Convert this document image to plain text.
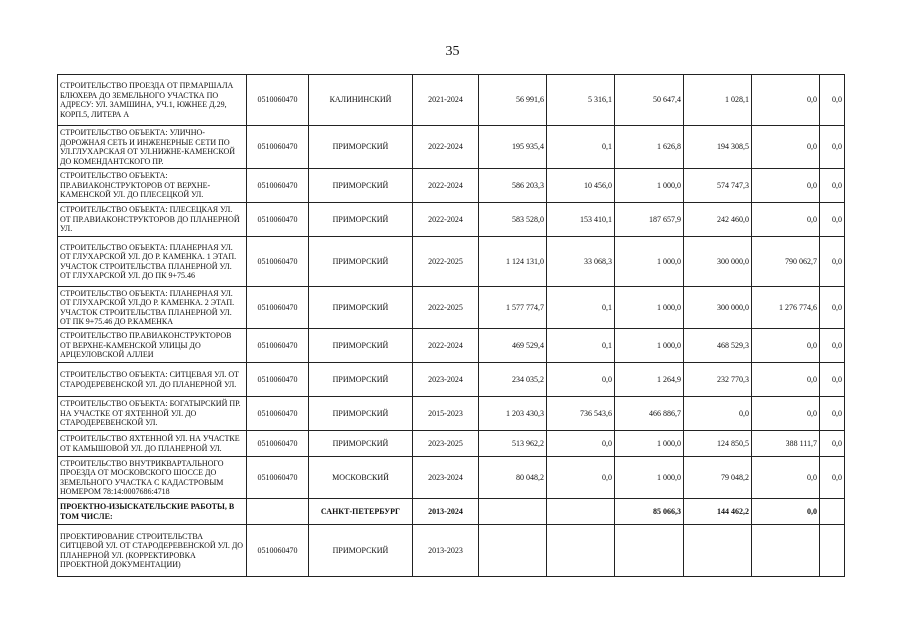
35
СТРОИТЕЛЬСТВО ПРОЕЗДА ОТ ПР.МАРШАЛА БЛЮХЕРА ДО ЗЕМЕЛЬНОГО УЧАСТКА ПО АДРЕСУ: УЛ. ЗАМШИНА, УЧ.1, ЮЖНЕЕ Д.29, КОРП.5, ЛИТЕРА А	0510060470	КАЛИНИНСКИЙ	2021-2024	56 991,6	5 316,1	50 647,4	1 028,1	0,0	0,0
СТРОИТЕЛЬСТВО ОБЪЕКТА: УЛИЧНО-ДОРОЖНАЯ СЕТЬ И ИНЖЕНЕРНЫЕ СЕТИ ПО УЛ.ГЛУХАРСКАЯ ОТ УЛ.НИЖНЕ-КАМЕНСКОЙ ДО КОМЕНДАНТСКОГО ПР.	0510060470	ПРИМОРСКИЙ	2022-2024	195 935,4	0,1	1 626,8	194 308,5	0,0	0,0
СТРОИТЕЛЬСТВО ОБЪЕКТА: ПР.АВИАКОНСТРУКТОРОВ ОТ ВЕРХНЕ-КАМЕНСКОЙ УЛ. ДО ПЛЕСЕЦКОЙ УЛ.	0510060470	ПРИМОРСКИЙ	2022-2024	586 203,3	10 456,0	1 000,0	574 747,3	0,0	0,0
СТРОИТЕЛЬСТВО ОБЪЕКТА: ПЛЕСЕЦКАЯ УЛ. ОТ ПР.АВИАКОНСТРУКТОРОВ ДО ПЛАНЕРНОЙ УЛ.	0510060470	ПРИМОРСКИЙ	2022-2024	583 528,0	153 410,1	187 657,9	242 460,0	0,0	0,0
СТРОИТЕЛЬСТВО ОБЪЕКТА: ПЛАНЕРНАЯ УЛ. ОТ ГЛУХАРСКОЙ УЛ. ДО Р. КАМЕНКА. 1 ЭТАП. УЧАСТОК СТРОИТЕЛЬСТВА ПЛАНЕРНОЙ УЛ. ОТ ГЛУХАРСКОЙ УЛ. ДО ПК 9+75.46	0510060470	ПРИМОРСКИЙ	2022-2025	1 124 131,0	33 068,3	1 000,0	300 000,0	790 062,7	0,0
СТРОИТЕЛЬСТВО ОБЪЕКТА: ПЛАНЕРНАЯ УЛ. ОТ ГЛУХАРСКОЙ УЛ.ДО Р. КАМЕНКА. 2 ЭТАП. УЧАСТОК СТРОИТЕЛЬСТВА ПЛАНЕРНОЙ УЛ. ОТ ПК 9+75.46 ДО Р.КАМЕНКА	0510060470	ПРИМОРСКИЙ	2022-2025	1 577 774,7	0,1	1 000,0	300 000,0	1 276 774,6	0,0
СТРОИТЕЛЬСТВО ПР.АВИАКОНСТРУКТОРОВ ОТ ВЕРХНЕ-КАМЕНСКОЙ УЛИЦЫ ДО АРЦЕУЛОВСКОЙ АЛЛЕИ	0510060470	ПРИМОРСКИЙ	2022-2024	469 529,4	0,1	1 000,0	468 529,3	0,0	0,0
СТРОИТЕЛЬСТВО ОБЪЕКТА: СИТЦЕВАЯ УЛ. ОТ СТАРОДЕРЕВЕНСКОЙ УЛ. ДО ПЛАНЕРНОЙ УЛ.	0510060470	ПРИМОРСКИЙ	2023-2024	234 035,2	0,0	1 264,9	232 770,3	0,0	0,0
СТРОИТЕЛЬСТВО ОБЪЕКТА: БОГАТЫРСКИЙ ПР. НА УЧАСТКЕ ОТ ЯХТЕННОЙ УЛ. ДО СТАРОДЕРЕВЕНСКОЙ УЛ.	0510060470	ПРИМОРСКИЙ	2015-2023	1 203 430,3	736 543,6	466 886,7	0,0	0,0	0,0
СТРОИТЕЛЬСТВО ЯХТЕННОЙ УЛ. НА УЧАСТКЕ ОТ КАМЫШОВОЙ УЛ. ДО ПЛАНЕРНОЙ УЛ.	0510060470	ПРИМОРСКИЙ	2023-2025	513 962,2	0,0	1 000,0	124 850,5	388 111,7	0,0
СТРОИТЕЛЬСТВО ВНУТРИКВАРТАЛЬНОГО ПРОЕЗДА ОТ МОСКОВСКОГО ШОССЕ ДО ЗЕМЕЛЬНОГО УЧАСТКА С КАДАСТРОВЫМ НОМЕРОМ 78:14:0007686:4718	0510060470	МОСКОВСКИЙ	2023-2024	80 048,2	0,0	1 000,0	79 048,2	0,0	0,0
ПРОЕКТНО-ИЗЫСКАТЕЛЬСКИЕ РАБОТЫ, В ТОМ ЧИСЛЕ:		САНКТ-ПЕТЕРБУРГ	2013-2024			85 066,3	144 462,2	0,0	
ПРОЕКТИРОВАНИЕ СТРОИТЕЛЬСТВА СИТЦЕВОЙ УЛ. ОТ СТАРОДЕРЕВЕНСКОЙ УЛ. ДО ПЛАНЕРНОЙ УЛ. (КОРРЕКТИРОВКА ПРОЕКТНОЙ ДОКУМЕНТАЦИИ)	0510060470	ПРИМОРСКИЙ	2013-2023						
